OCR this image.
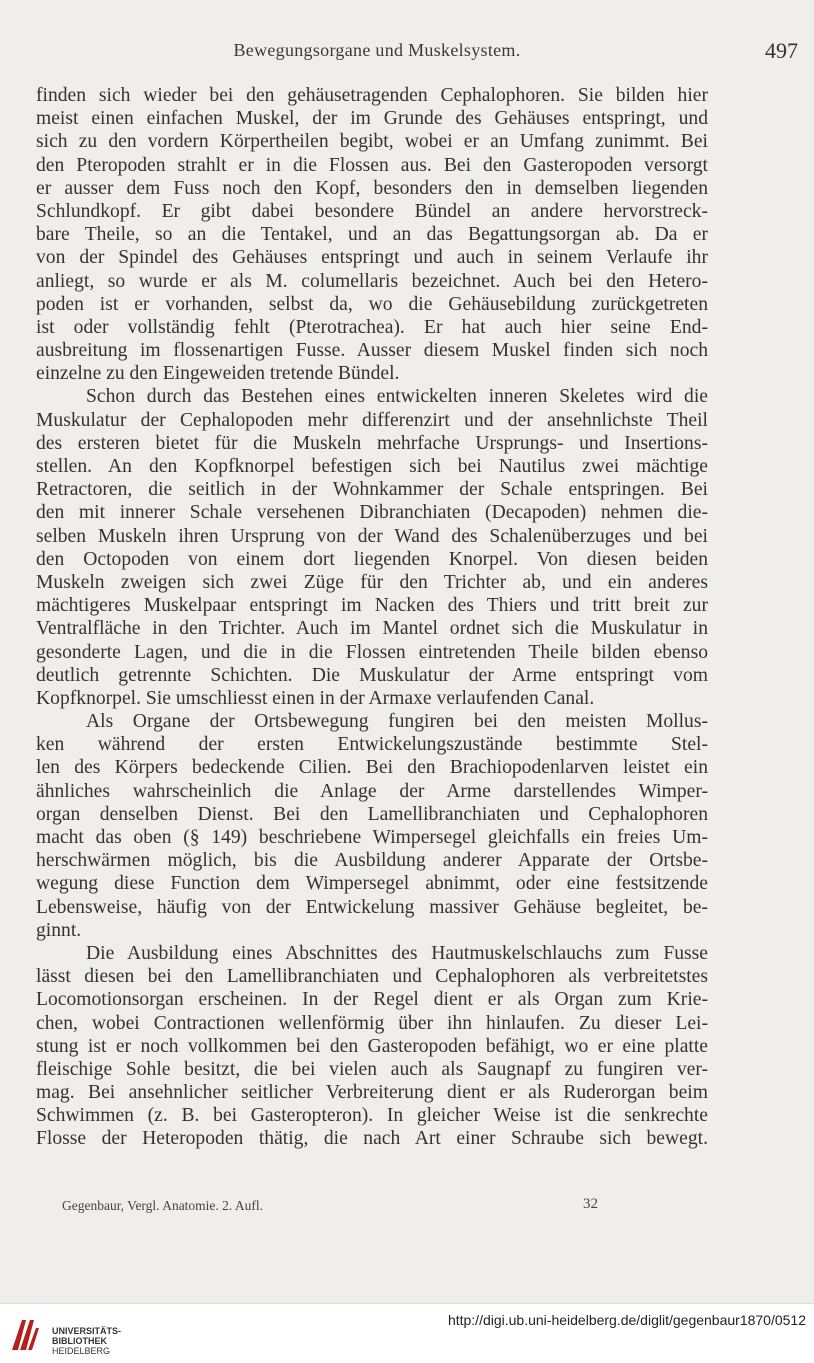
Bewegungsorgane und Muskelsystem.	497
finden sich wieder bei den gehäusetragenden Cephalophoren. Sie bilden hier
meist einen einfachen Muskel, der im Grunde des Gehäuses entspringt, und
sich zu den vordern Körpertheilen begibt, wobei er an Umfang zunimmt. Bei
den Pteropoden strahlt er in die Flossen aus. Bei den Gasteropoden versorgt
er ausser dem Fuss noch den Kopf, besonders den in demselben liegenden
Schlundkopf. Er gibt dabei besondere Bündel an andere hervorstreck-
bare Theile, so an die Tentakel, und an das Begattungsorgan ab. Da er
von der Spindel des Gehäuses entspringt und auch in seinem Verlaufe ihr
anliegt, so wurde er als M. columellaris bezeichnet. Auch bei den Hetero-
poden ist er vorhanden, selbst da, wo die Gehäusebildung zurückgetreten
ist oder vollständig fehlt (Pterotrachea). Er hat auch hier seine End-
ausbreitung im flossenartigen Fusse. Ausser diesem Muskel finden sich noch
einzelne zu den Eingeweiden tretende Bündel.
Schon durch das Bestehen eines entwickelten inneren Skeletes wird die
Muskulatur der Cephalopoden mehr differenzirt und der ansehnlichste Theil
des ersteren bietet für die Muskeln mehrfache Ursprungs- und Insertions-
stellen. An den Kopfknorpel befestigen sich bei Nautilus zwei mächtige
Retractoren, die seitlich in der Wohnkammer der Schale entspringen. Bei
den mit innerer Schale versehenen Dibranchiaten (Decapoden) nehmen die-
selben Muskeln ihren Ursprung von der Wand des Schalenüberzuges und bei
den Octopoden von einem dort liegenden Knorpel. Von diesen beiden
Muskeln zweigen sich zwei Züge für den Trichter ab, und ein anderes
mächtigeres Muskelpaar entspringt im Nacken des Thiers und tritt breit zur
Ventralfläche in den Trichter. Auch im Mantel ordnet sich die Muskulatur in
gesonderte Lagen, und die in die Flossen eintretenden Theile bilden ebenso
deutlich getrennte Schichten. Die Muskulatur der Arme entspringt vom
Kopfknorpel. Sie umschliesst einen in der Armaxe verlaufenden Canal.
Als Organe der Ortsbewegung fungiren bei den meisten Mollus-
ken während der ersten Entwickelungszustände bestimmte Stel-
len des Körpers bedeckende Cilien. Bei den Brachiopodenlarven leistet ein
ähnliches wahrscheinlich die Anlage der Arme darstellendes Wimper-
organ denselben Dienst. Bei den Lamellibranchiaten und Cephalophoren
macht das oben (§ 149) beschriebene Wimpersegel gleichfalls ein freies Um-
herschwärmen möglich, bis die Ausbildung anderer Apparate der Ortsbe-
wegung diese Function dem Wimpersegel abnimmt, oder eine festsitzende
Lebensweise, häufig von der Entwickelung massiver Gehäuse begleitet, be-
ginnt.
Die Ausbildung eines Abschnittes des Hautmuskelschlauchs zum Fusse
lässt diesen bei den Lamellibranchiaten und Cephalophoren als verbreitetstes
Locomotionsorgan erscheinen. In der Regel dient er als Organ zum Krie-
chen, wobei Contractionen wellenförmig über ihn hinlaufen. Zu dieser Lei-
stung ist er noch vollkommen bei den Gasteropoden befähigt, wo er eine platte
fleischige Sohle besitzt, die bei vielen auch als Saugnapf zu fungiren ver-
mag. Bei ansehnlicher seitlicher Verbreiterung dient er als Ruderorgan beim
Schwimmen (z. B. bei Gasteropteron). In gleicher Weise ist die senkrechte
Flosse der Heteropoden thätig, die nach Art einer Schraube sich bewegt.
Gegenbaur, Vergl. Anatomie. 2. Aufl.	32
UNIVERSITÄTS-
BIBLIOTHEK
HEIDELBERG
http://digi.ub.uni-heidelberg.de/diglit/gegenbaur1870/0512
